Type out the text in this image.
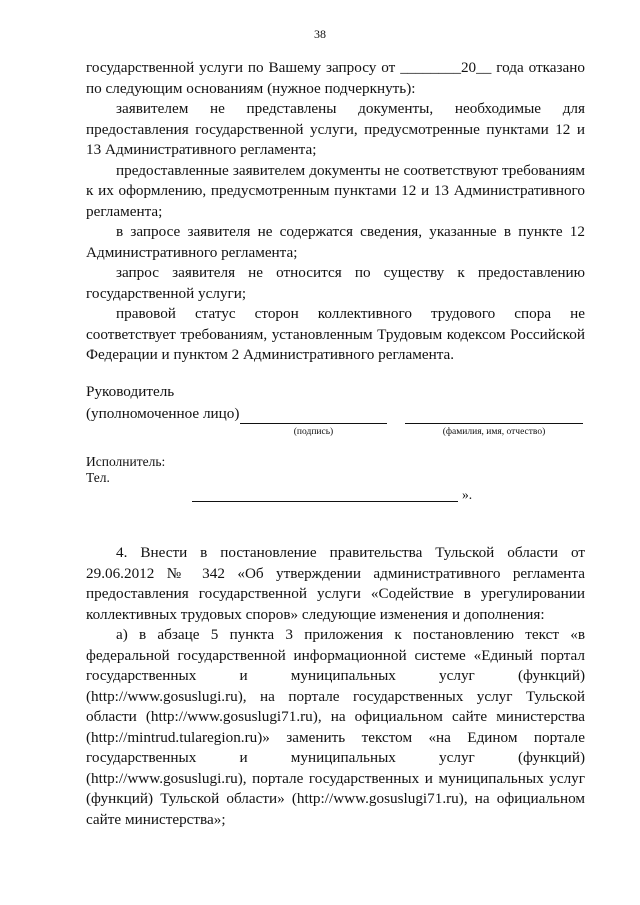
38

государственной услуги по Вашему запросу от ________20__ года отказано по следующим основаниям (нужное подчеркнуть):

заявителем не представлены документы, необходимые для предоставления государственной услуги, предусмотренные пунктами 12 и 13 Административного регламента;

предоставленные заявителем документы не соответствуют требованиям к их оформлению, предусмотренным пунктами 12 и 13 Административного регламента;

в запросе заявителя не содержатся сведения, указанные в пункте 12 Административного регламента;

запрос заявителя не относится по существу к предоставлению государственной услуги;

правовой статус сторон коллективного трудового спора не соответствует требованиям, установленным Трудовым кодексом Российской Федерации и пунктом 2 Административного регламента.

Руководитель
(уполномоченное лицо)
(подпись)	(фамилия, имя, отчество)
Исполнитель:
Тел.
».

4. Внести в постановление правительства Тульской области от 29.06.2012 № 342 «Об утверждении административного регламента предоставления государственной услуги «Содействие в урегулировании коллективных трудовых споров» следующие изменения и дополнения:

а) в абзаце 5 пункта 3 приложения к постановлению текст «в федеральной государственной информационной системе «Единый портал государственных и муниципальных услуг (функций) (http://www.gosuslugi.ru), на портале государственных услуг Тульской области (http://www.gosuslugi71.ru), на официальном сайте министерства (http://mintrud.tularegion.ru)» заменить текстом «на Едином портале государственных и муниципальных услуг (функций) (http://www.gosuslugi.ru), портале государственных и муниципальных услуг (функций) Тульской области» (http://www.gosuslugi71.ru), на официальном сайте министерства»;
